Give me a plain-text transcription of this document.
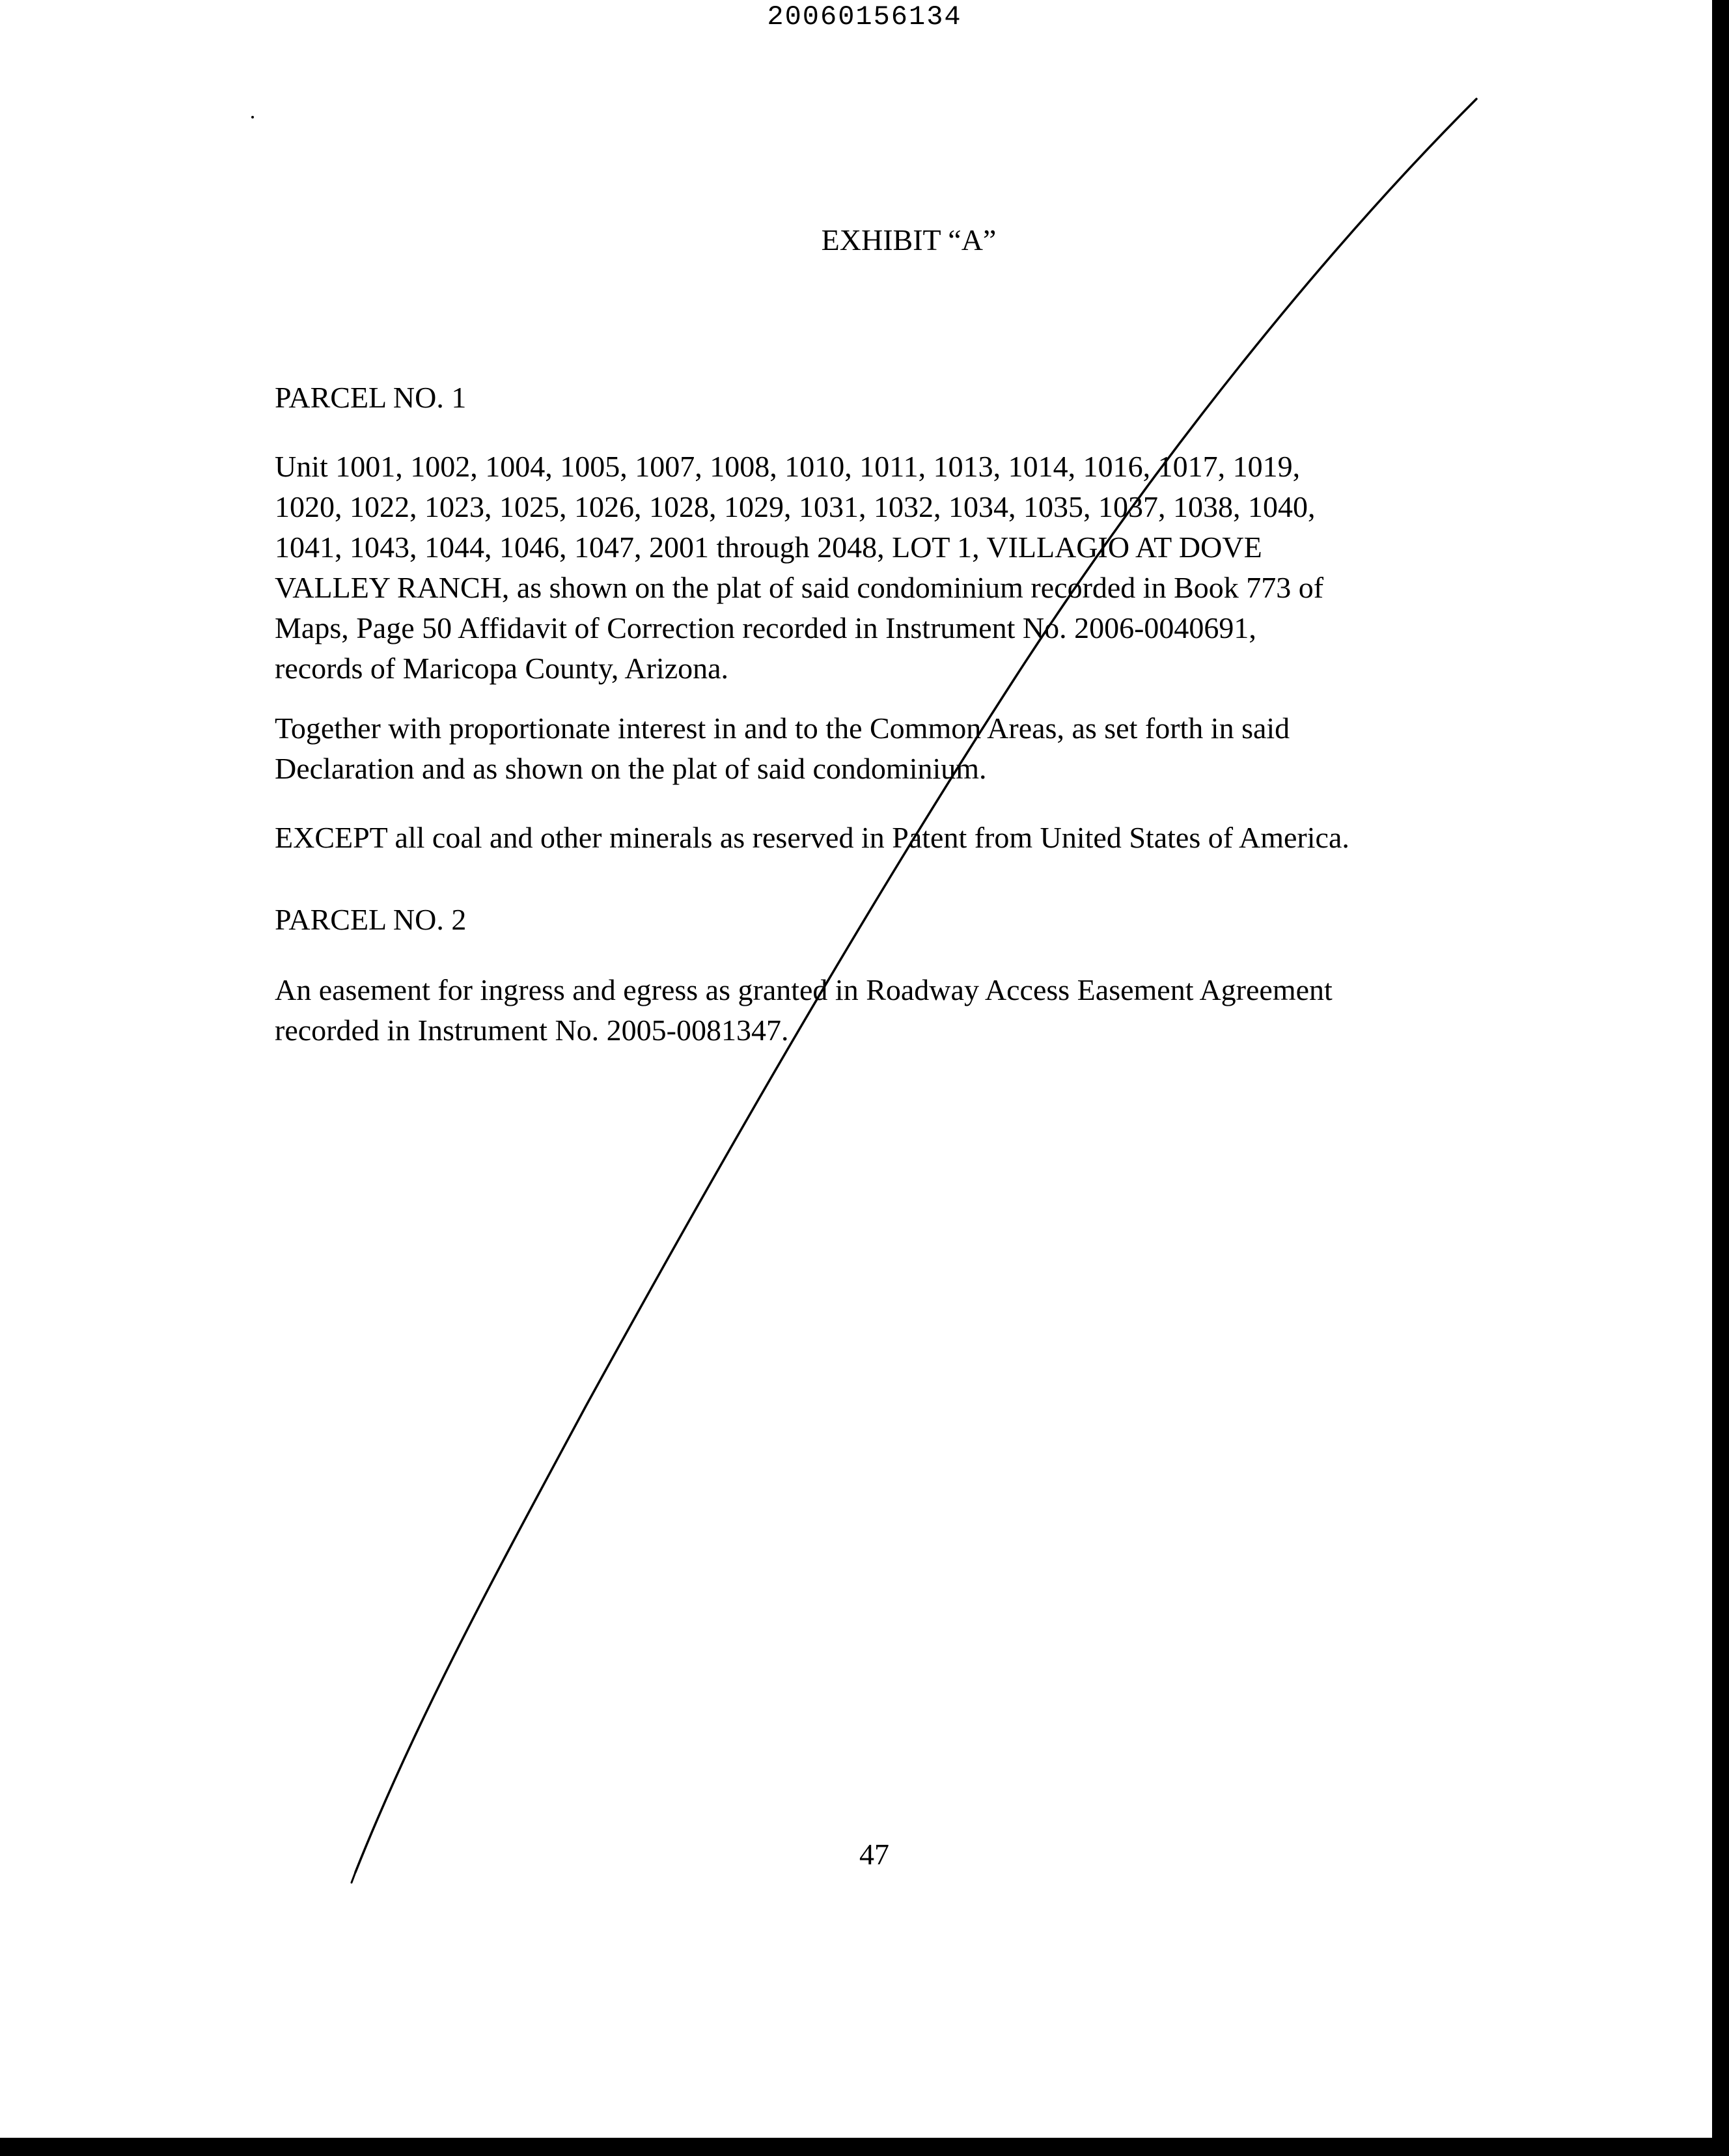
20060156134
EXHIBIT “A”
PARCEL NO. 1
Unit 1001, 1002, 1004, 1005, 1007, 1008, 1010, 1011, 1013, 1014, 1016, 1017, 1019,
1020, 1022, 1023, 1025, 1026, 1028, 1029, 1031, 1032, 1034, 1035, 1037, 1038, 1040,
1041, 1043, 1044, 1046, 1047, 2001 through 2048, LOT 1, VILLAGIO AT DOVE
VALLEY RANCH, as shown on the plat of said condominium recorded in Book 773 of
Maps, Page 50 Affidavit of Correction recorded in Instrument No. 2006-0040691,
records of Maricopa County, Arizona.
Together with proportionate interest in and to the Common Areas, as set forth in said
Declaration and as shown on the plat of said condominium.
EXCEPT all coal and other minerals as reserved in Patent from United States of America.
PARCEL NO. 2
An easement for ingress and egress as granted in Roadway Access Easement Agreement
recorded in Instrument No. 2005-0081347.
47
